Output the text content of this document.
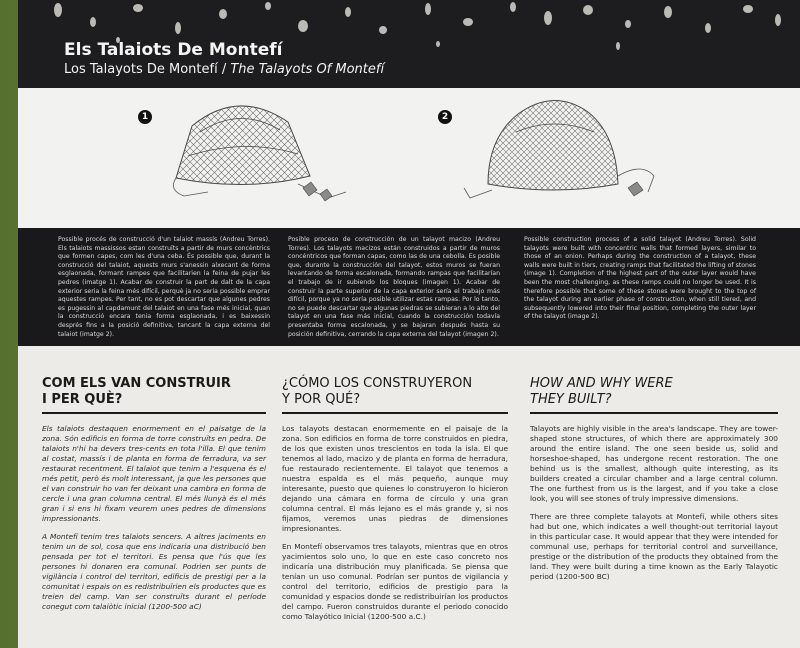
Els Talaiots De Montefí
Los Talayots De Montefí / The Talayots Of Montefí
1	2
Possible procés de construcció d'un talaiot massís (Andreu Torres). Els talaiots massissos estan construïts a partir de murs concèntrics que formen capes, com les d'una ceba. És possible que, durant la construcció del talaiot, aquests murs s'anessin alxecant de forma esglaonada, formant rampes que facilitarien la feina de pujar les pedres (imatge 1). Acabar de construir la part de dalt de la capa exterior seria la feina més difícil, perquè ja no seria possible emprar aquestes rampes. Per tant, no es pot descartar que algunes pedres es pugessin al capdamunt del talaiot en una fase més inicial, quan la construcció encara tenia forma esglaonada, i es baixessin després fins a la posició definitiva, tancant la capa externa del talaiot (imatge 2).
Posible proceso de construcción de un talayot macizo (Andreu Torres). Los talayots macizos están construidos a partir de muros concéntricos que forman capas, como las de una cebolla. Es posible que, durante la construcción del talayot, estos muros se fueran levantando de forma escalonada, formando rampas que facilitarían el trabajo de ir subiendo los bloques (imagen 1). Acabar de construir la parte superior de la capa exterior sería el trabajo más difícil, porque ya no sería posible utilizar estas rampas. Por lo tanto, no se puede descartar que algunas piedras se subieran a lo alto del talayot en una fase más inicial, cuando la construcción todavía presentaba forma escalonada, y se bajaran después hasta su posición definitiva, cerrando la capa externa del talayot (imagen 2).
Possible construction process of a solid talayot (Andreu Torres). Solid talayots were built with concentric walls that formed layers, similar to those of an onion. Perhaps during the construction of a talayot, these walls were built in tiers, creating ramps that facilitated the lifting of stones (image 1). Completion of the highest part of the outer layer would have been the most challenging, as these ramps could no longer be used. It is therefore possible that some of these stones were brought to the top of the talayot during an earlier phase of construction, when still tiered, and subsequently lowered into their final position, completing the outer layer of the talayot (image 2).

COM ELS VAN CONSTRUIR

I PER QUÈ?

Els talaiots destaquen enormement en el paisatge de la zona. Són edificis en forma de torre construïts en pedra. De talaiots n'hi ha devers tres-cents en tota l'illa. El que tenim al costat, massís i de planta en forma de ferradura, va ser restaurat recentment. El talaiot que tenim a l'esquena és el més petit, però és molt interessant, ja que les persones que el van construir ho van fer deixant una cambra en forma de cercle i una gran columna central. El més llunyà és el més gran i si ens hi fixam veurem unes pedres de dimensions impressionants.

A Montefí tenim tres talaiots sencers. A altres jaciments en tenim un de sol, cosa que ens indicaria una distribució ben pensada per tot el territori. Es pensa que l'ús que les persones hi donaren era comunal. Podrien ser punts de vigilància i control del territori, edificis de prestigi per a la comunitat i espais on es redistribuïrien els productes que es treien del camp. Van ser construïts durant el període conegut com talaiòtic inicial (1200-500 aC)

¿CÓMO LOS CONSTRUYERON

Y POR QUÉ?

Los talayots destacan enormemente en el paisaje de la zona. Son edificios en forma de torre construidos en piedra, de los que existen unos trescientos en toda la isla. El que tenemos al lado, macizo y de planta en forma de herradura, fue restaurado recientemente. El talayot que tenemos a nuestra espalda es el más pequeño, aunque muy interesante, puesto que quienes lo construyeron lo hicieron dejando una cámara en forma de círculo y una gran columna central. El más lejano es el más grande y, si nos fijamos, veremos unas piedras de dimensiones impresionantes.

En Montefí observamos tres talayots, mientras que en otros yacimientos solo uno, lo que en este caso concreto nos indicaría una distribución muy planificada. Se piensa que tenían un uso comunal. Podrían ser puntos de vigilancia y control del territorio, edificios de prestigio para la comunidad y espacios donde se redistribuirían los productos del campo. Fueron construidos durante el periodo conocido como Talayótico Inicial (1200-500 a.C.)

HOW AND WHY WERE

THEY BUILT?

Talayots are highly visible in the area's landscape. They are tower-shaped stone structures, of which there are approximately 300 around the entire island. The one seen beside us, solid and horseshoe-shaped, has undergone recent restoration. The one behind us is the smallest, although quite interesting, as its builders created a circular chamber and a large central column. The one furthest from us is the largest, and if you take a close look, you will see stones of truly impressive dimensions.

There are three complete talayots at Montefí, while others sites had but one, which indicates a well thought-out territorial layout in this particular case. It would appear that they were intended for communal use, perhaps for territorial control and surveillance, prestige or the distribution of the products they obtained from the land. They were built during a time known as the Early Talayotic period (1200-500 BC)
